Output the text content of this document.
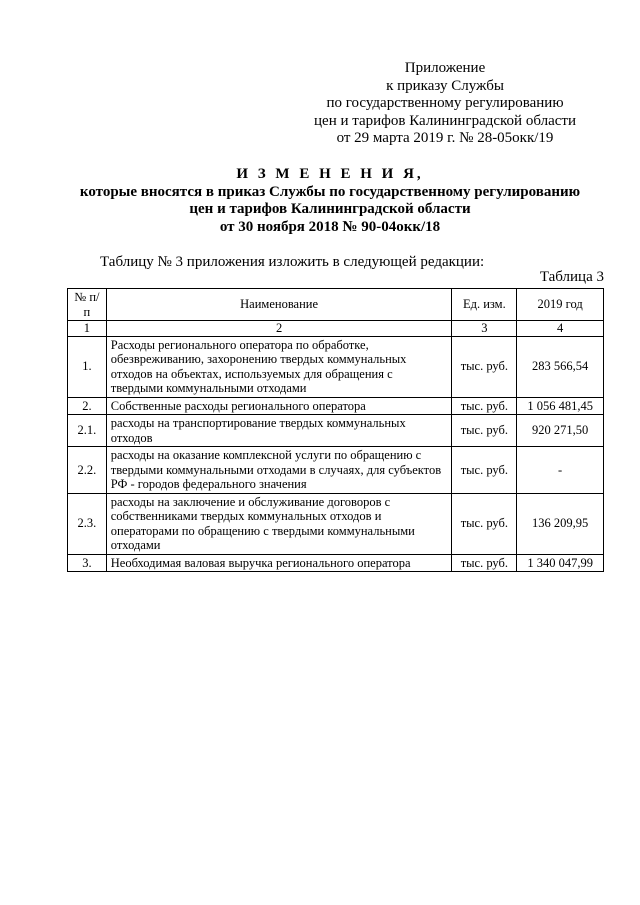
Приложение
к приказу Службы
по государственному регулированию
цен и тарифов Калининградской области
от 29 марта 2019 г. № 28-05окк/19
И З М Е Н Е Н И Я,
которые вносятся в приказ Службы по государственному регулированию
цен и тарифов Калининградской области
от 30 ноября 2018 № 90-04окк/18
Таблицу № 3 приложения изложить в следующей редакции:
Таблица 3
№ п/п	Наименование	Ед. изм.	2019 год
1	2	3	4
1.	Расходы регионального оператора по обработке, обезвреживанию, захоронению твердых коммунальных отходов на объектах, используемых для обращения с твердыми коммунальными отходами	тыс. руб.	283 566,54
2.	Собственные расходы регионального оператора	тыс. руб.	1 056 481,45
2.1.	расходы на транспортирование твердых коммунальных отходов	тыс. руб.	920 271,50
2.2.	расходы на оказание комплексной услуги по обращению с твердыми коммунальными отходами в случаях, для субъектов РФ - городов федерального значения	тыс. руб.	-
2.3.	расходы на заключение и обслуживание договоров с собственниками твердых коммунальных отходов и операторами по обращению с твердыми коммунальными отходами	тыс. руб.	136 209,95
3.	Необходимая валовая выручка регионального оператора	тыс. руб.	1 340 047,99
